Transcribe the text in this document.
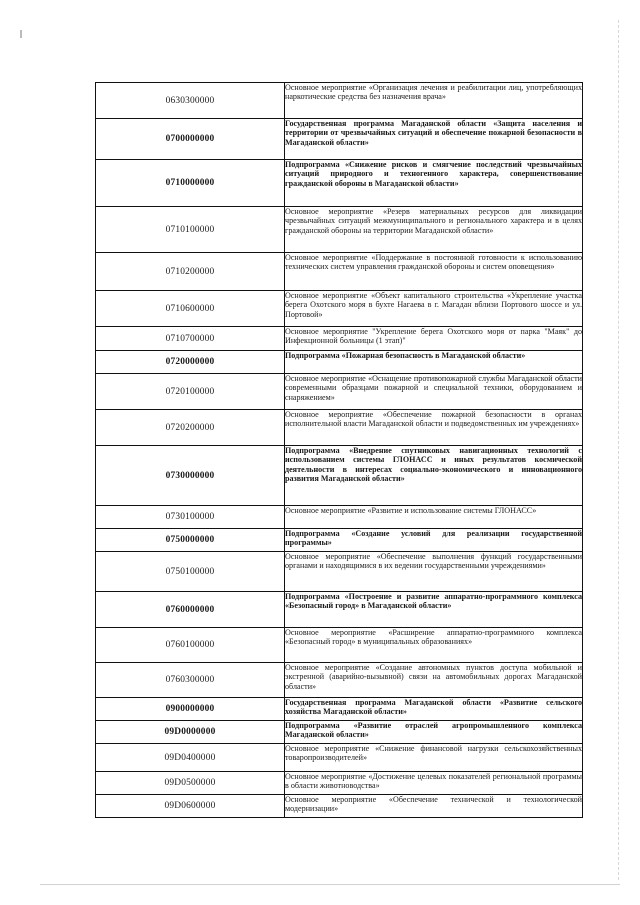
0630300000	Основное мероприятие «Организация лечения и реабилитации лиц, употребляющих наркотические средства без назначения врача»
0700000000	Государственная программа Магаданской области «Защита населения и территории от чрезвычайных ситуаций и обеспечение пожарной безопасности в Магаданской области»
0710000000	Подпрограмма «Снижение рисков и смягчение последствий чрезвычайных ситуаций природного и техногенного характера, совершенствование гражданской обороны в Магаданской области»
0710100000	Основное мероприятие «Резерв материальных ресурсов для ликвидации чрезвычайных ситуаций межмуниципального и регионального характера и в целях гражданской обороны на территории Магаданской области»
0710200000	Основное мероприятие «Поддержание в постоянной готовности к использованию технических систем управления гражданской обороны и систем оповещения»
0710600000	Основное мероприятие «Объект капитального строительства «Укрепление участка берега Охотского моря в бухте Нагаева в г. Магадан вблизи Портового шоссе и ул. Портовой»
0710700000	Основное мероприятие "Укрепление берега Охотского моря от парка "Маяк" до Инфекционной больницы (1 этап)"
0720000000	Подпрограмма «Пожарная безопасность в Магаданской области»
0720100000	Основное мероприятие «Оснащение противопожарной службы Магаданской области современными образцами пожарной и специальной техники, оборудованием и снаряжением»
0720200000	Основное мероприятие «Обеспечение пожарной безопасности в органах исполнительной власти Магаданской области и подведомственных им учреждениях»
0730000000	Подпрограмма «Внедрение спутниковых навигационных технологий с использованием системы ГЛОНАСС и иных результатов космической деятельности в интересах социально-экономического и инновационного развития Магаданской области»
0730100000	Основное мероприятие «Развитие и использование системы ГЛОНАСС»
0750000000	Подпрограмма «Создание условий для реализации государственной программы»
0750100000	Основное мероприятие «Обеспечение выполнения функций государственными органами и находящимися в их ведении государственными учреждениями»
0760000000	Подпрограмма «Построение и развитие аппаратно-программного комплекса «Безопасный город» в Магаданской области»
0760100000	Основное мероприятие «Расширение аппаратно-программного комплекса «Безопасный город» в муниципальных образованиях»
0760300000	Основное мероприятие «Создание автономных пунктов доступа мобильной и экстренной (аварийно-вызывной) связи на автомобильных дорогах Магаданской области»
0900000000	Государственная программа Магаданской области «Развитие сельского хозяйства Магаданской области»
09D0000000	Подпрограмма «Развитие отраслей агропромышленного комплекса Магаданской области»
09D0400000	Основное мероприятие «Снижение финансовой нагрузки сельскохозяйственных товаропроизводителей»
09D0500000	Основное мероприятие «Достижение целевых показателей региональной программы в области животноводства»
09D0600000	Основное мероприятие «Обеспечение технической и технологической модернизации»
